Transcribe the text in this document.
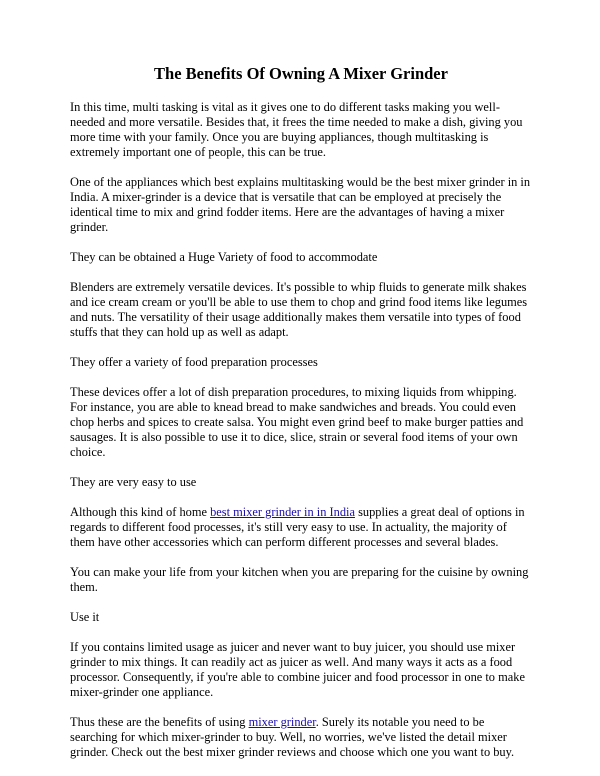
The Benefits Of Owning A Mixer Grinder

In this time, multi tasking is vital as it gives one to do different tasks making you well-needed and more versatile. Besides that, it frees the time needed to make a dish, giving you more time with your family. Once you are buying appliances, though multitasking is extremely important one of people, this can be true.

One of the appliances which best explains multitasking would be the best mixer grinder in in India. A mixer-grinder is a device that is versatile that can be employed at precisely the identical time to mix and grind fodder items. Here are the advantages of having a mixer grinder.

They can be obtained a Huge Variety of food to accommodate

Blenders are extremely versatile devices. It's possible to whip fluids to generate milk shakes and ice cream cream or you'll be able to use them to chop and grind food items like legumes and nuts. The versatility of their usage additionally makes them versatile into types of food stuffs that they can hold up as well as adapt.

They offer a variety of food preparation processes

These devices offer a lot of dish preparation procedures, to mixing liquids from whipping. For instance, you are able to knead bread to make sandwiches and breads. You could even chop herbs and spices to create salsa. You might even grind beef to make burger patties and sausages. It is also possible to use it to dice, slice, strain or several food items of your own choice.

They are very easy to use

Although this kind of home best mixer grinder in in India supplies a great deal of options in regards to different food processes, it's still very easy to use. In actuality, the majority of them have other accessories which can perform different processes and several blades.

You can make your life from your kitchen when you are preparing for the cuisine by owning them.

Use it

If you contains limited usage as juicer and never want to buy juicer, you should use mixer grinder to mix things. It can readily act as juicer as well. And many ways it acts as a food processor. Consequently, if you're able to combine juicer and food processor in one to make mixer-grinder one appliance.

Thus these are the benefits of using mixer grinder. Surely its notable you need to be searching for which mixer-grinder to buy. Well, no worries, we've listed the detail mixer grinder. Check out the best mixer grinder reviews and choose which one you want to buy.
